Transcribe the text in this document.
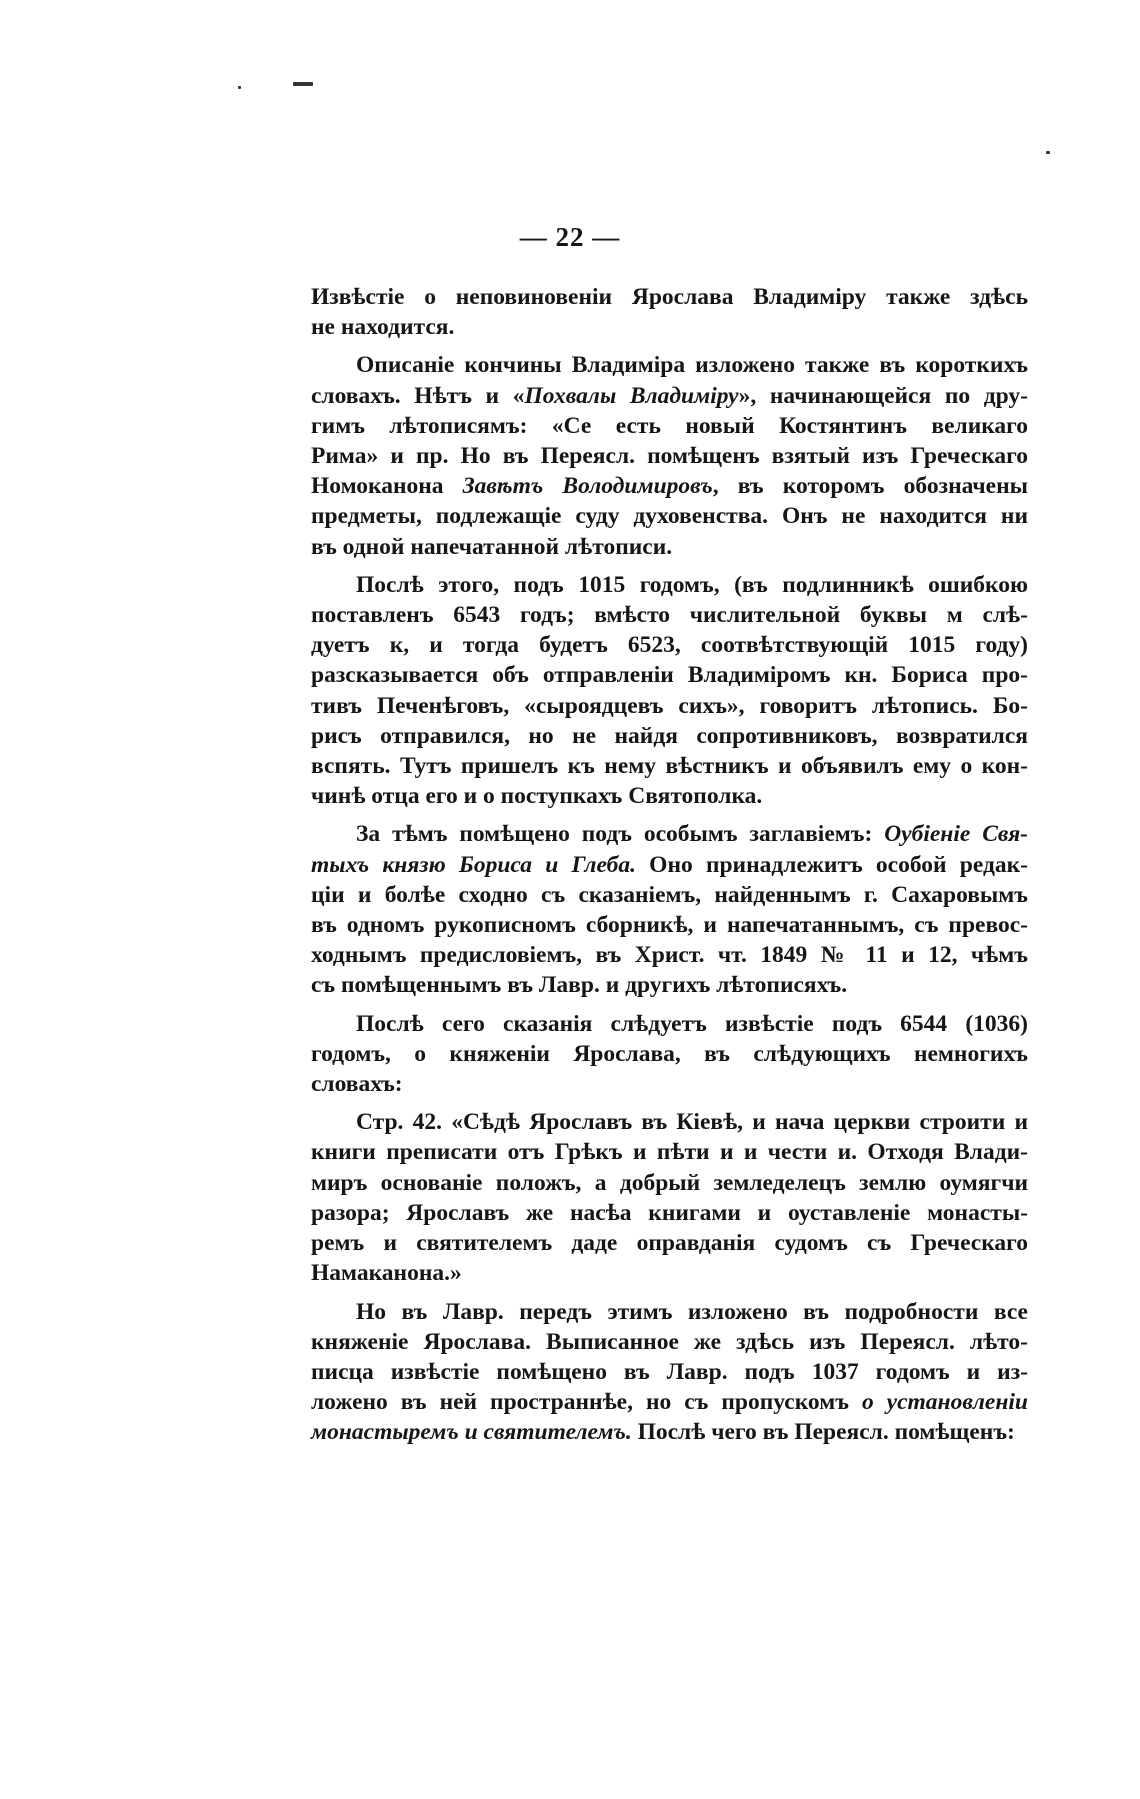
— 22 —
Извѣстіе о неповиновеніи Ярослава Владиміру также здѣсь
не находится.
Описаніе кончины Владиміра изложено также въ короткихъ
словахъ. Нѣтъ и «Похвалы Владиміру», начинающейся по дру-
гимъ лѣтописямъ: «Се есть новый Костянтинъ великаго
Рима» и пр. Но въ Переясл. помѣщенъ взятый изъ Греческаго
Номоканона Завѣтъ Володимировъ, въ которомъ обозначены
предметы, подлежащіе суду духовенства. Онъ не находится ни
въ одной напечатанной лѣтописи.
Послѣ этого, подъ 1015 годомъ, (въ подлинникѣ ошибкою
поставленъ 6543 годъ; вмѣсто числительной буквы м слѣ-
дуетъ к, и тогда будетъ 6523, соотвѣтствующій 1015 году)
разсказывается объ отправленіи Владиміромъ кн. Бориса про-
тивъ Печенѣговъ, «сыроядцевъ сихъ», говоритъ лѣтопись. Бо-
рисъ отправился, но не найдя сопротивниковъ, возвратился
вспять. Тутъ пришелъ къ нему вѣстникъ и объявилъ ему о кон-
чинѣ отца его и о поступкахъ Святополка.
За тѣмъ помѣщено подъ особымъ заглавіемъ: Оубіеніе Свя-
тыхъ князю Бориса и Глеба. Оно принадлежитъ особой редак-
ціи и болѣе сходно съ сказаніемъ, найденнымъ г. Сахаровымъ
въ одномъ рукописномъ сборникѣ, и напечатаннымъ, съ превос-
ходнымъ предисловіемъ, въ Христ. чт. 1849 № 11 и 12, чѣмъ
съ помѣщеннымъ въ Лавр. и другихъ лѣтописяхъ.
Послѣ сего сказанія слѣдуетъ извѣстіе подъ 6544 (1036)
годомъ, о княженіи Ярослава, въ слѣдующихъ немногихъ
словахъ:
Стр. 42. «Сѣдѣ Ярославъ въ Кіевѣ, и нача церкви строити и
книги преписати отъ Грѣкъ и пѣти и и чести и. Отходя Влади-
миръ основаніе положъ, а добрый земледелецъ землю оумягчи
разора; Ярославъ же насѣа книгами и оуставленіе монасты-
ремъ и святителемъ даде оправданія судомъ съ Греческаго
Намаканона.»
Но въ Лавр. передъ этимъ изложено въ подробности все
княженіе Ярослава. Выписанное же здѣсь изъ Переясл. лѣто-
писца извѣстіе помѣщено въ Лавр. подъ 1037 годомъ и из-
ложено въ ней пространнѣе, но съ пропускомъ о установленіи
монастыремъ и святителемъ. Послѣ чего въ Переясл. помѣщенъ:
